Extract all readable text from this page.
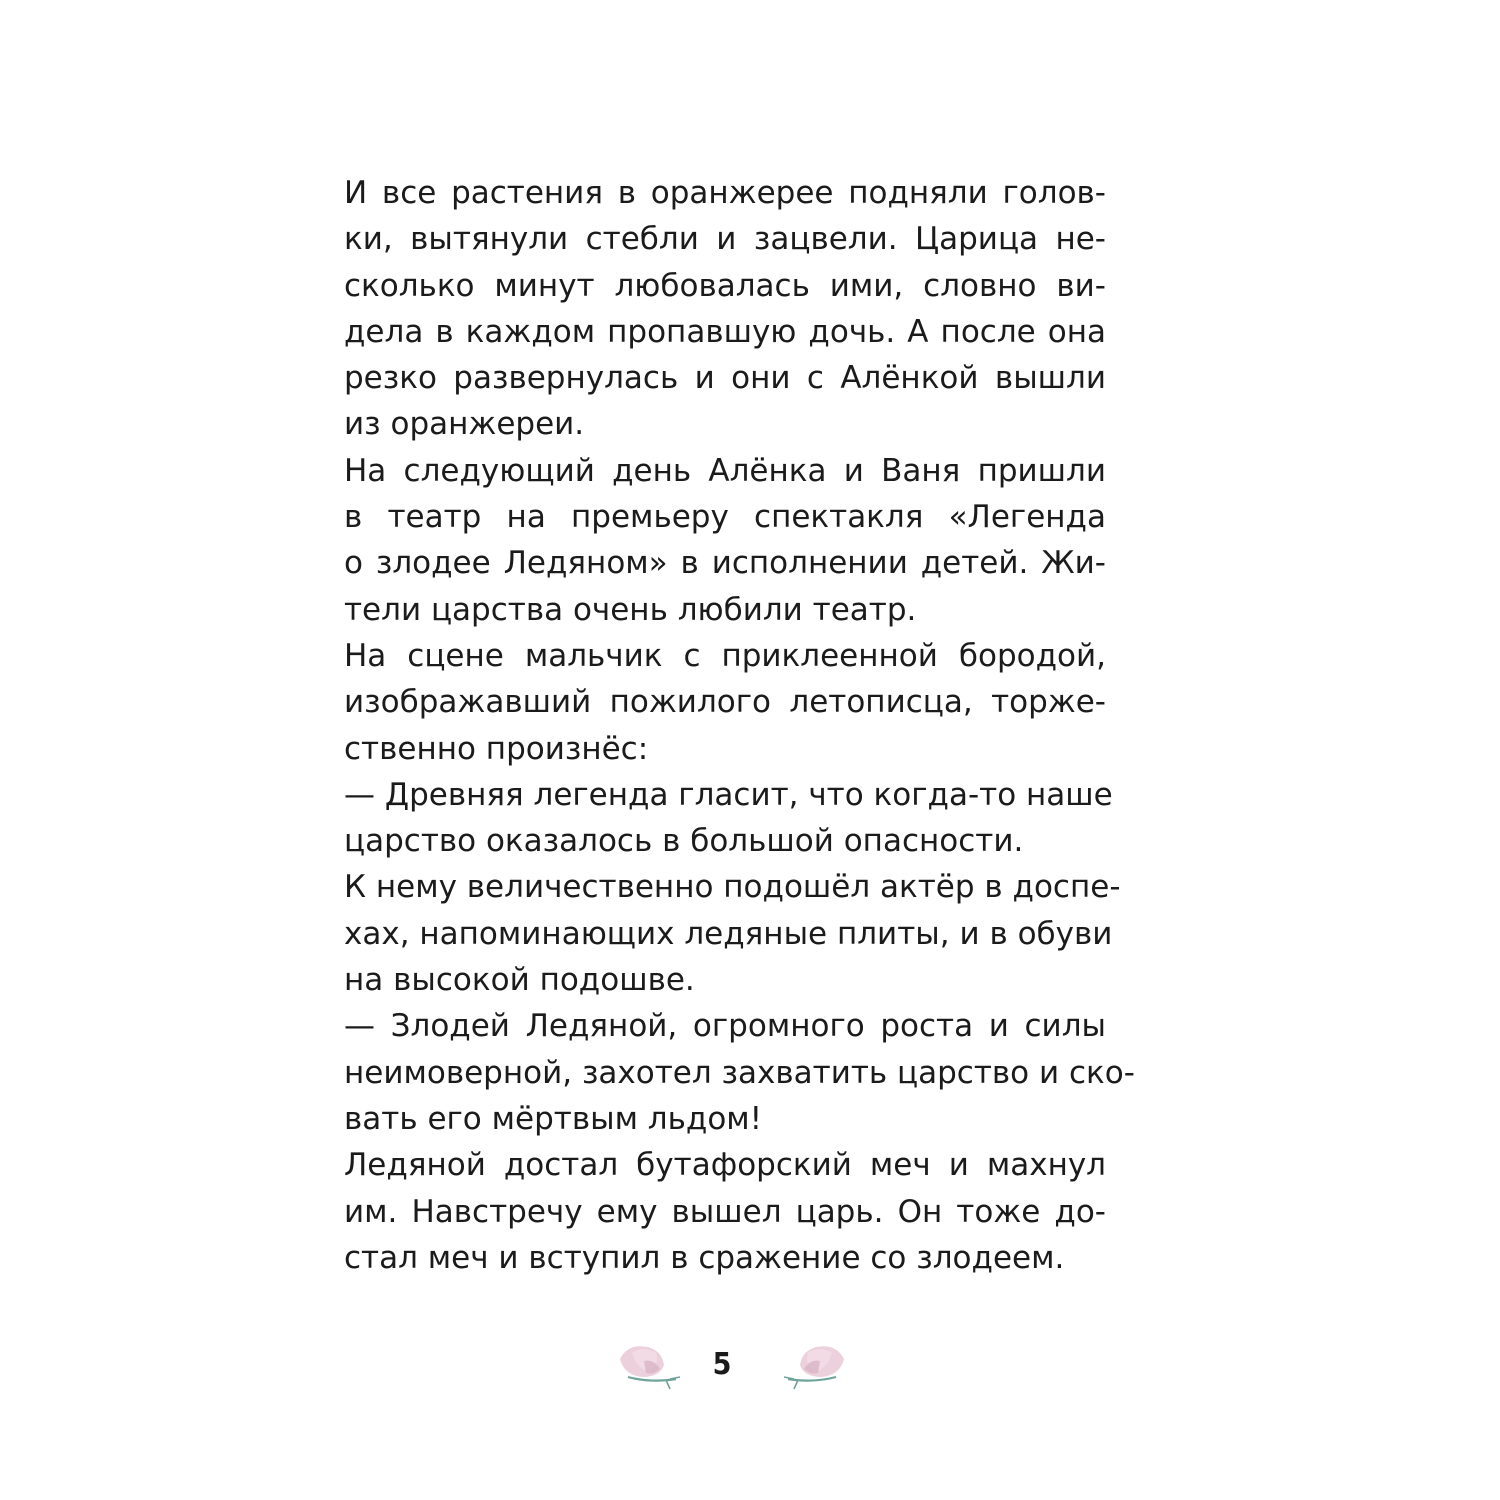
И все растения в оранжерее подняли голов-
ки, вытянули стебли и зацвели. Царица не-
сколько минут любовалась ими, словно ви-
дела в каждом пропавшую дочь. А после она
резко развернулась и они с Алёнкой вышли
из оранжереи.
На следующий день Алёнка и Ваня пришли
в театр на премьеру спектакля «Легенда
о злодее Ледяном» в исполнении детей. Жи-
тели царства очень любили театр.
На сцене мальчик с приклеенной бородой,
изображавший пожилого летописца, торже-
ственно произнёс:
— Древняя легенда гласит, что когда-то наше
царство оказалось в большой опасности.
К нему величественно подошёл актёр в доспе-
хах, напоминающих ледяные плиты, и в обуви
на высокой подошве.
— Злодей Ледяной, огромного роста и силы
неимоверной, захотел захватить царство и ско-
вать его мёртвым льдом!
Ледяной достал бутафорский меч и махнул
им. Навстречу ему вышел царь. Он тоже до-
стал меч и вступил в сражение со злодеем.
5
